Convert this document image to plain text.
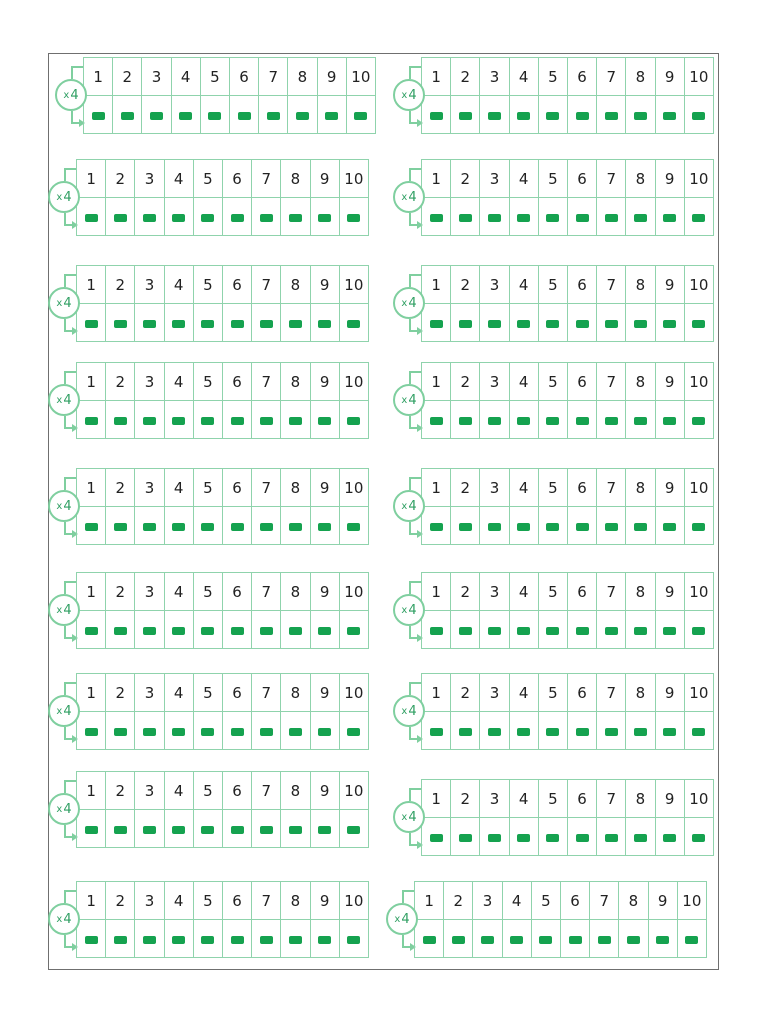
x 4
1	2	3	4	5	6	7	8	9	10

x 4
1	2	3	4	5	6	7	8	9	10

x 4
1	2	3	4	5	6	7	8	9	10

x 4
1	2	3	4	5	6	7	8	9	10

x 4
1	2	3	4	5	6	7	8	9	10

x 4
1	2	3	4	5	6	7	8	9	10

x 4
1	2	3	4	5	6	7	8	9	10

x 4
1	2	3	4	5	6	7	8	9	10

x 4
1	2	3	4	5	6	7	8	9	10

x 4
1	2	3	4	5	6	7	8	9	10

x 4
1	2	3	4	5	6	7	8	9	10

x 4
1	2	3	4	5	6	7	8	9	10

x 4
1	2	3	4	5	6	7	8	9	10

x 4
1	2	3	4	5	6	7	8	9	10

x 4
1	2	3	4	5	6	7	8	9	10

x 4
1	2	3	4	5	6	7	8	9	10

x 4
1	2	3	4	5	6	7	8	9	10

x 4
1	2	3	4	5	6	7	8	9	10
